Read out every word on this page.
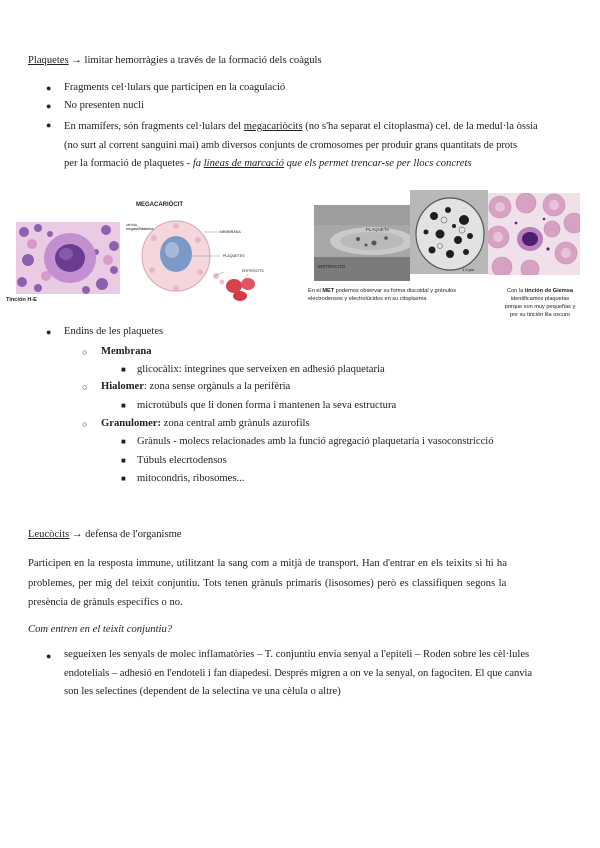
Plaquetes → limitar hemorràgies a través de la formació dels coàguls
● Fragments cel·lulars que participen en la coagulació
● No presenten nucli
● En mamífers, són fragments cel·lulars del megacariòcits (no s'ha separat el citoplasma) cel. de la medul·la òssia
(no surt al corrent sanguini mai) amb diversos conjunts de cromosomes per produir grans quantitats de prots
per la formació de plaquetes - fa líneas de marcació que els permet trencar-se per llocs concrets
Tinción H-E
MEGACARIÒCIT
cèl·lula megacarioblàstica
MEMBRANA
PLAQUETES
ERITRÒCITS
PLAQUETA
ERITROCITO
1.0 µm
En el MET podemos observar su forma discoidal y gránulos
electrodensos y electrolúcidos en su citoplasma
Con la tinción de Giemsa
identificamos plaquetas
porque son muy pequeñas y
por su tinción lila oscuro
● Endins de les plaquetes
○ Membrana
■ glicocàlix: integrines que serveixen en adhesió plaquetaria
○ Hialomer: zona sense orgànuls a la perifèria
■ microtúbuls que li donen forma i mantenen la seva estructura
○ Granulomer: zona central amb grànuls azurofils
■ Grànuls - molecs relacionades amb la funció agregació plaquetaria i vasoconstricció
■ Túbuls elecrtodensos
■ mitocondris, ribosomes...
Leucòcits → defensa de l'organisme
Participen en la resposta immune, utilitzant la sang com a mitjà de transport. Han d'entrar en els teixits si hi ha
problemes, per mig del teixit conjuntiu. Tots tenen grànuls primaris (lisosomes) però es classifiquen segons la
presència de grànuls específics o no.
Com entren en el teixit conjuntiu?
● segueixen les senyals de molec inflamatòries – T. conjuntiu envia senyal a l'epiteli – Roden sobre les cèl·lules
endotelials – adhesió en l'endoteli i fan diapedesi. Després migren a on ve la senyal, on fagociten. El que canvia
son les selectines (dependent de la selectina ve una cèlula o altre)
